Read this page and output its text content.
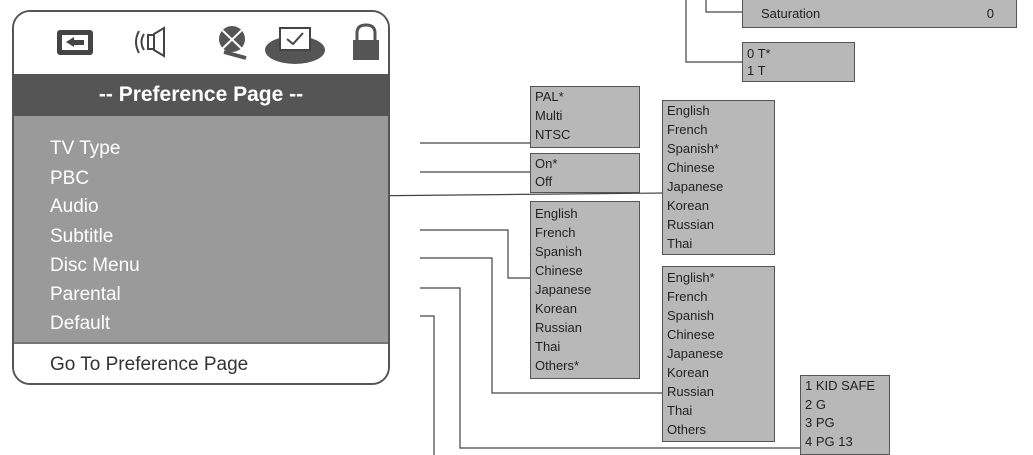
-- Preference Page --
TV Type
PBC
Audio
Subtitle
Disc Menu
Parental
Default
Go To Preference Page
Saturation	0
0 T*
1 T
PAL*
Multi
NTSC
On*
Off
English
French
Spanish*
Chinese
Japanese
Korean
Russian
Thai
English
French
Spanish
Chinese
Japanese
Korean
Russian
Thai
Others*
English*
French
Spanish
Chinese
Japanese
Korean
Russian
Thai
Others
1 KID SAFE
2 G
3 PG
4 PG 13
